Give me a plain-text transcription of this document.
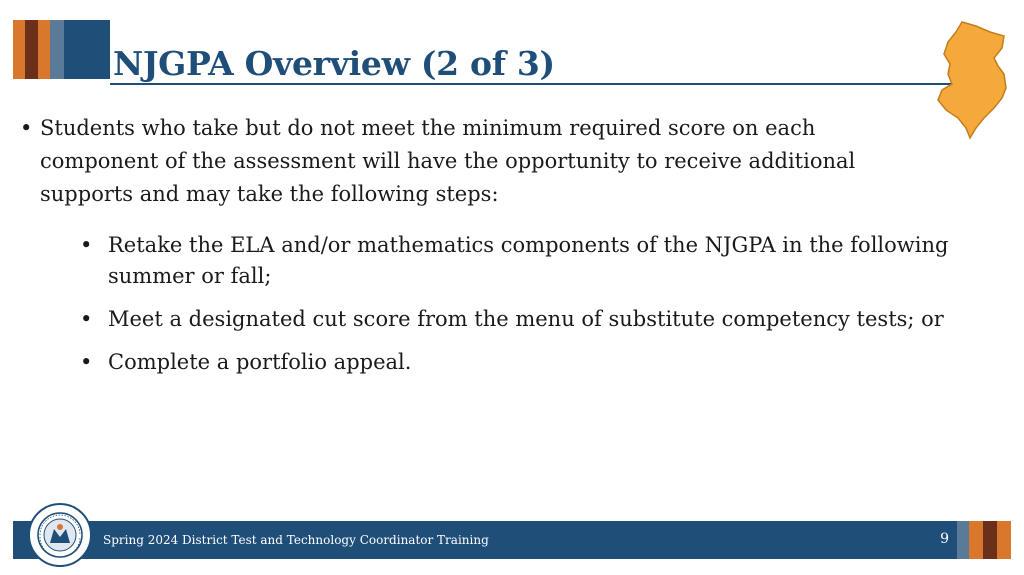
NJGPA Overview (2 of 3)
• Students who take but do not meet the minimum required score on each component of the assessment will have the opportunity to receive additional supports and may take the following steps:
• Retake the ELA and/or mathematics components of the NJGPA in the following summer or fall;
• Meet a designated cut score from the menu of substitute competency tests; or
• Complete a portfolio appeal.
Spring 2024 District Test and Technology Coordinator Training	9
